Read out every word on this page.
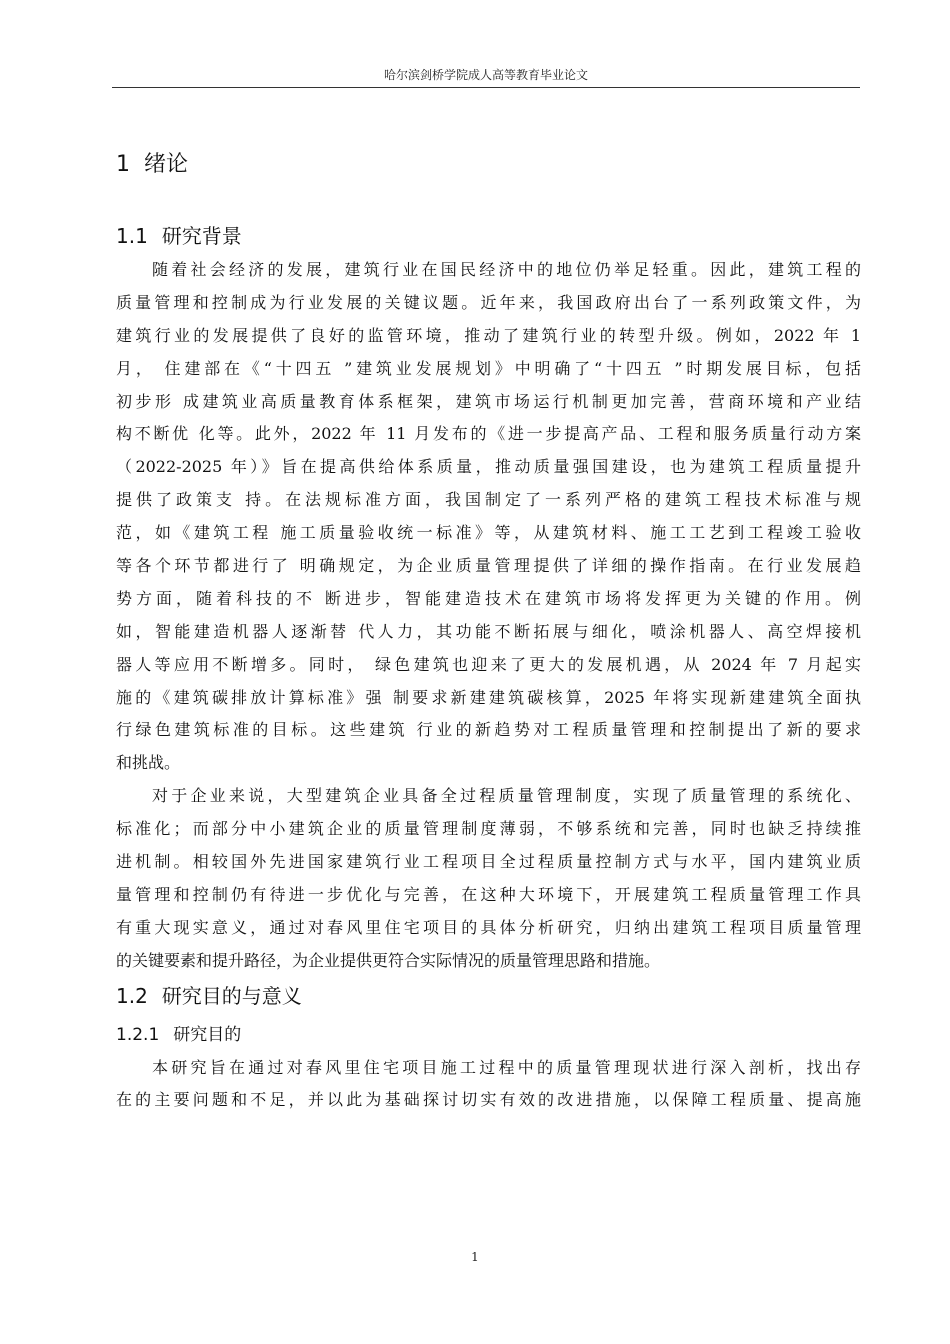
哈尔滨剑桥学院成人高等教育毕业论文
1 绪论
1.1 研究背景
随着社会经济的发展，建筑行业在国民经济中的地位仍举足轻重。因此，建筑工程的
质量管理和控制成为行业发展的关键议题。近年来，我国政府出台了一系列政策文件，为
建筑行业的发展提供了良好的监管环境，推动了建筑行业的转型升级。例如，2022 年 1
月， 住建部在《“十四五 ”建筑业发展规划》中明确了“十四五 ”时期发展目标，包括
初步形 成建筑业高质量教育体系框架，建筑市场运行机制更加完善，营商环境和产业结
构不断优 化等。此外，2022 年 11 月发布的《进一步提高产品、工程和服务质量行动方案
（2022-2025 年）》旨在提高供给体系质量，推动质量强国建设，也为建筑工程质量提升
提供了政策支 持。在法规标准方面，我国制定了一系列严格的建筑工程技术标准与规
范，如《建筑工程 施工质量验收统一标准》等，从建筑材料、施工工艺到工程竣工验收
等各个环节都进行了 明确规定，为企业质量管理提供了详细的操作指南。在行业发展趋
势方面，随着科技的不 断进步，智能建造技术在建筑市场将发挥更为关键的作用。例
如，智能建造机器人逐渐替 代人力，其功能不断拓展与细化，喷涂机器人、高空焊接机
器人等应用不断增多。同时， 绿色建筑也迎来了更大的发展机遇，从 2024 年 7 月起实
施的《建筑碳排放计算标准》强 制要求新建建筑碳核算，2025 年将实现新建建筑全面执
行绿色建筑标准的目标。这些建筑 行业的新趋势对工程质量管理和控制提出了新的要求
和挑战。
对于企业来说，大型建筑企业具备全过程质量管理制度，实现了质量管理的系统化、
标准化；而部分中小建筑企业的质量管理制度薄弱，不够系统和完善，同时也缺乏持续推
进机制。相较国外先进国家建筑行业工程项目全过程质量控制方式与水平，国内建筑业质
量管理和控制仍有待进一步优化与完善，在这种大环境下，开展建筑工程质量管理工作具
有重大现实意义，通过对春风里住宅项目的具体分析研究，归纳出建筑工程项目质量管理
的关键要素和提升路径，为企业提供更符合实际情况的质量管理思路和措施。
1.2 研究目的与意义
1.2.1 研究目的
本研究旨在通过对春风里住宅项目施工过程中的质量管理现状进行深入剖析，找出存
在的主要问题和不足，并以此为基础探讨切实有效的改进措施，以保障工程质量、提高施
1
